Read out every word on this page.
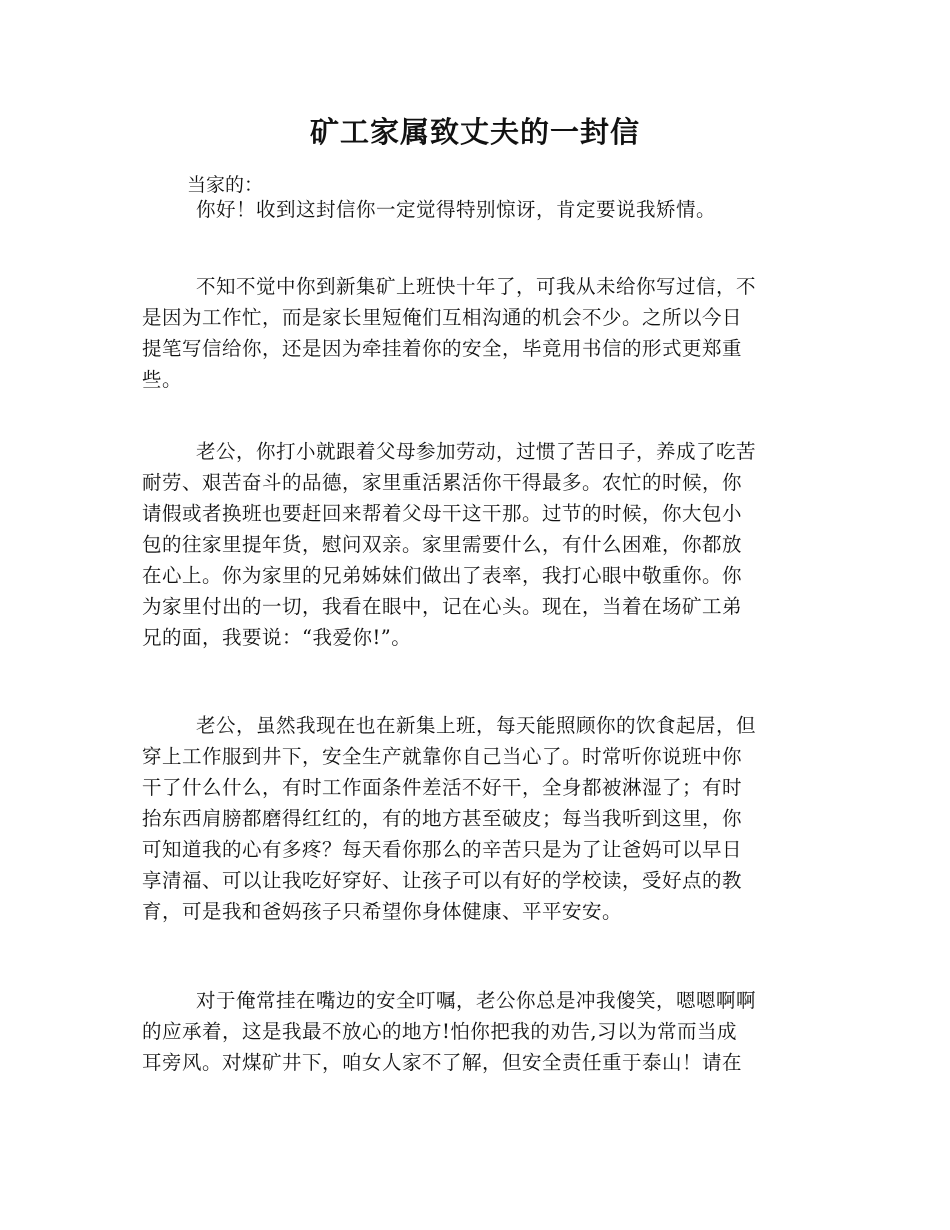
矿工家属致丈夫的一封信
当家的：
你好！收到这封信你一定觉得特别惊讶，肯定要说我矫情。
不知不觉中你到新集矿上班快十年了，可我从未给你写过信，不
是因为工作忙，而是家长里短俺们互相沟通的机会不少。之所以今日
提笔写信给你，还是因为牵挂着你的安全，毕竟用书信的形式更郑重
些。
老公，你打小就跟着父母参加劳动，过惯了苦日子，养成了吃苦
耐劳、艰苦奋斗的品德，家里重活累活你干得最多。农忙的时候，你
请假或者换班也要赶回来帮着父母干这干那。过节的时候，你大包小
包的往家里提年货，慰问双亲。家里需要什么，有什么困难，你都放
在心上。你为家里的兄弟姊妹们做出了表率，我打心眼中敬重你。你
为家里付出的一切，我看在眼中，记在心头。现在，当着在场矿工弟
兄的面，我要说：“我爱你!”。
老公，虽然我现在也在新集上班，每天能照顾你的饮食起居，但
穿上工作服到井下，安全生产就靠你自己当心了。时常听你说班中你
干了什么什么，有时工作面条件差活不好干，全身都被淋湿了；有时
抬东西肩膀都磨得红红的，有的地方甚至破皮；每当我听到这里，你
可知道我的心有多疼？每天看你那么的辛苦只是为了让爸妈可以早日
享清福、可以让我吃好穿好、让孩子可以有好的学校读，受好点的教
育，可是我和爸妈孩子只希望你身体健康、平平安安。
对于俺常挂在嘴边的安全叮嘱，老公你总是冲我傻笑，嗯嗯啊啊
的应承着，这是我最不放心的地方!怕你把我的劝告,习以为常而当成
耳旁风。对煤矿井下，咱女人家不了解，但安全责任重于泰山！请在
